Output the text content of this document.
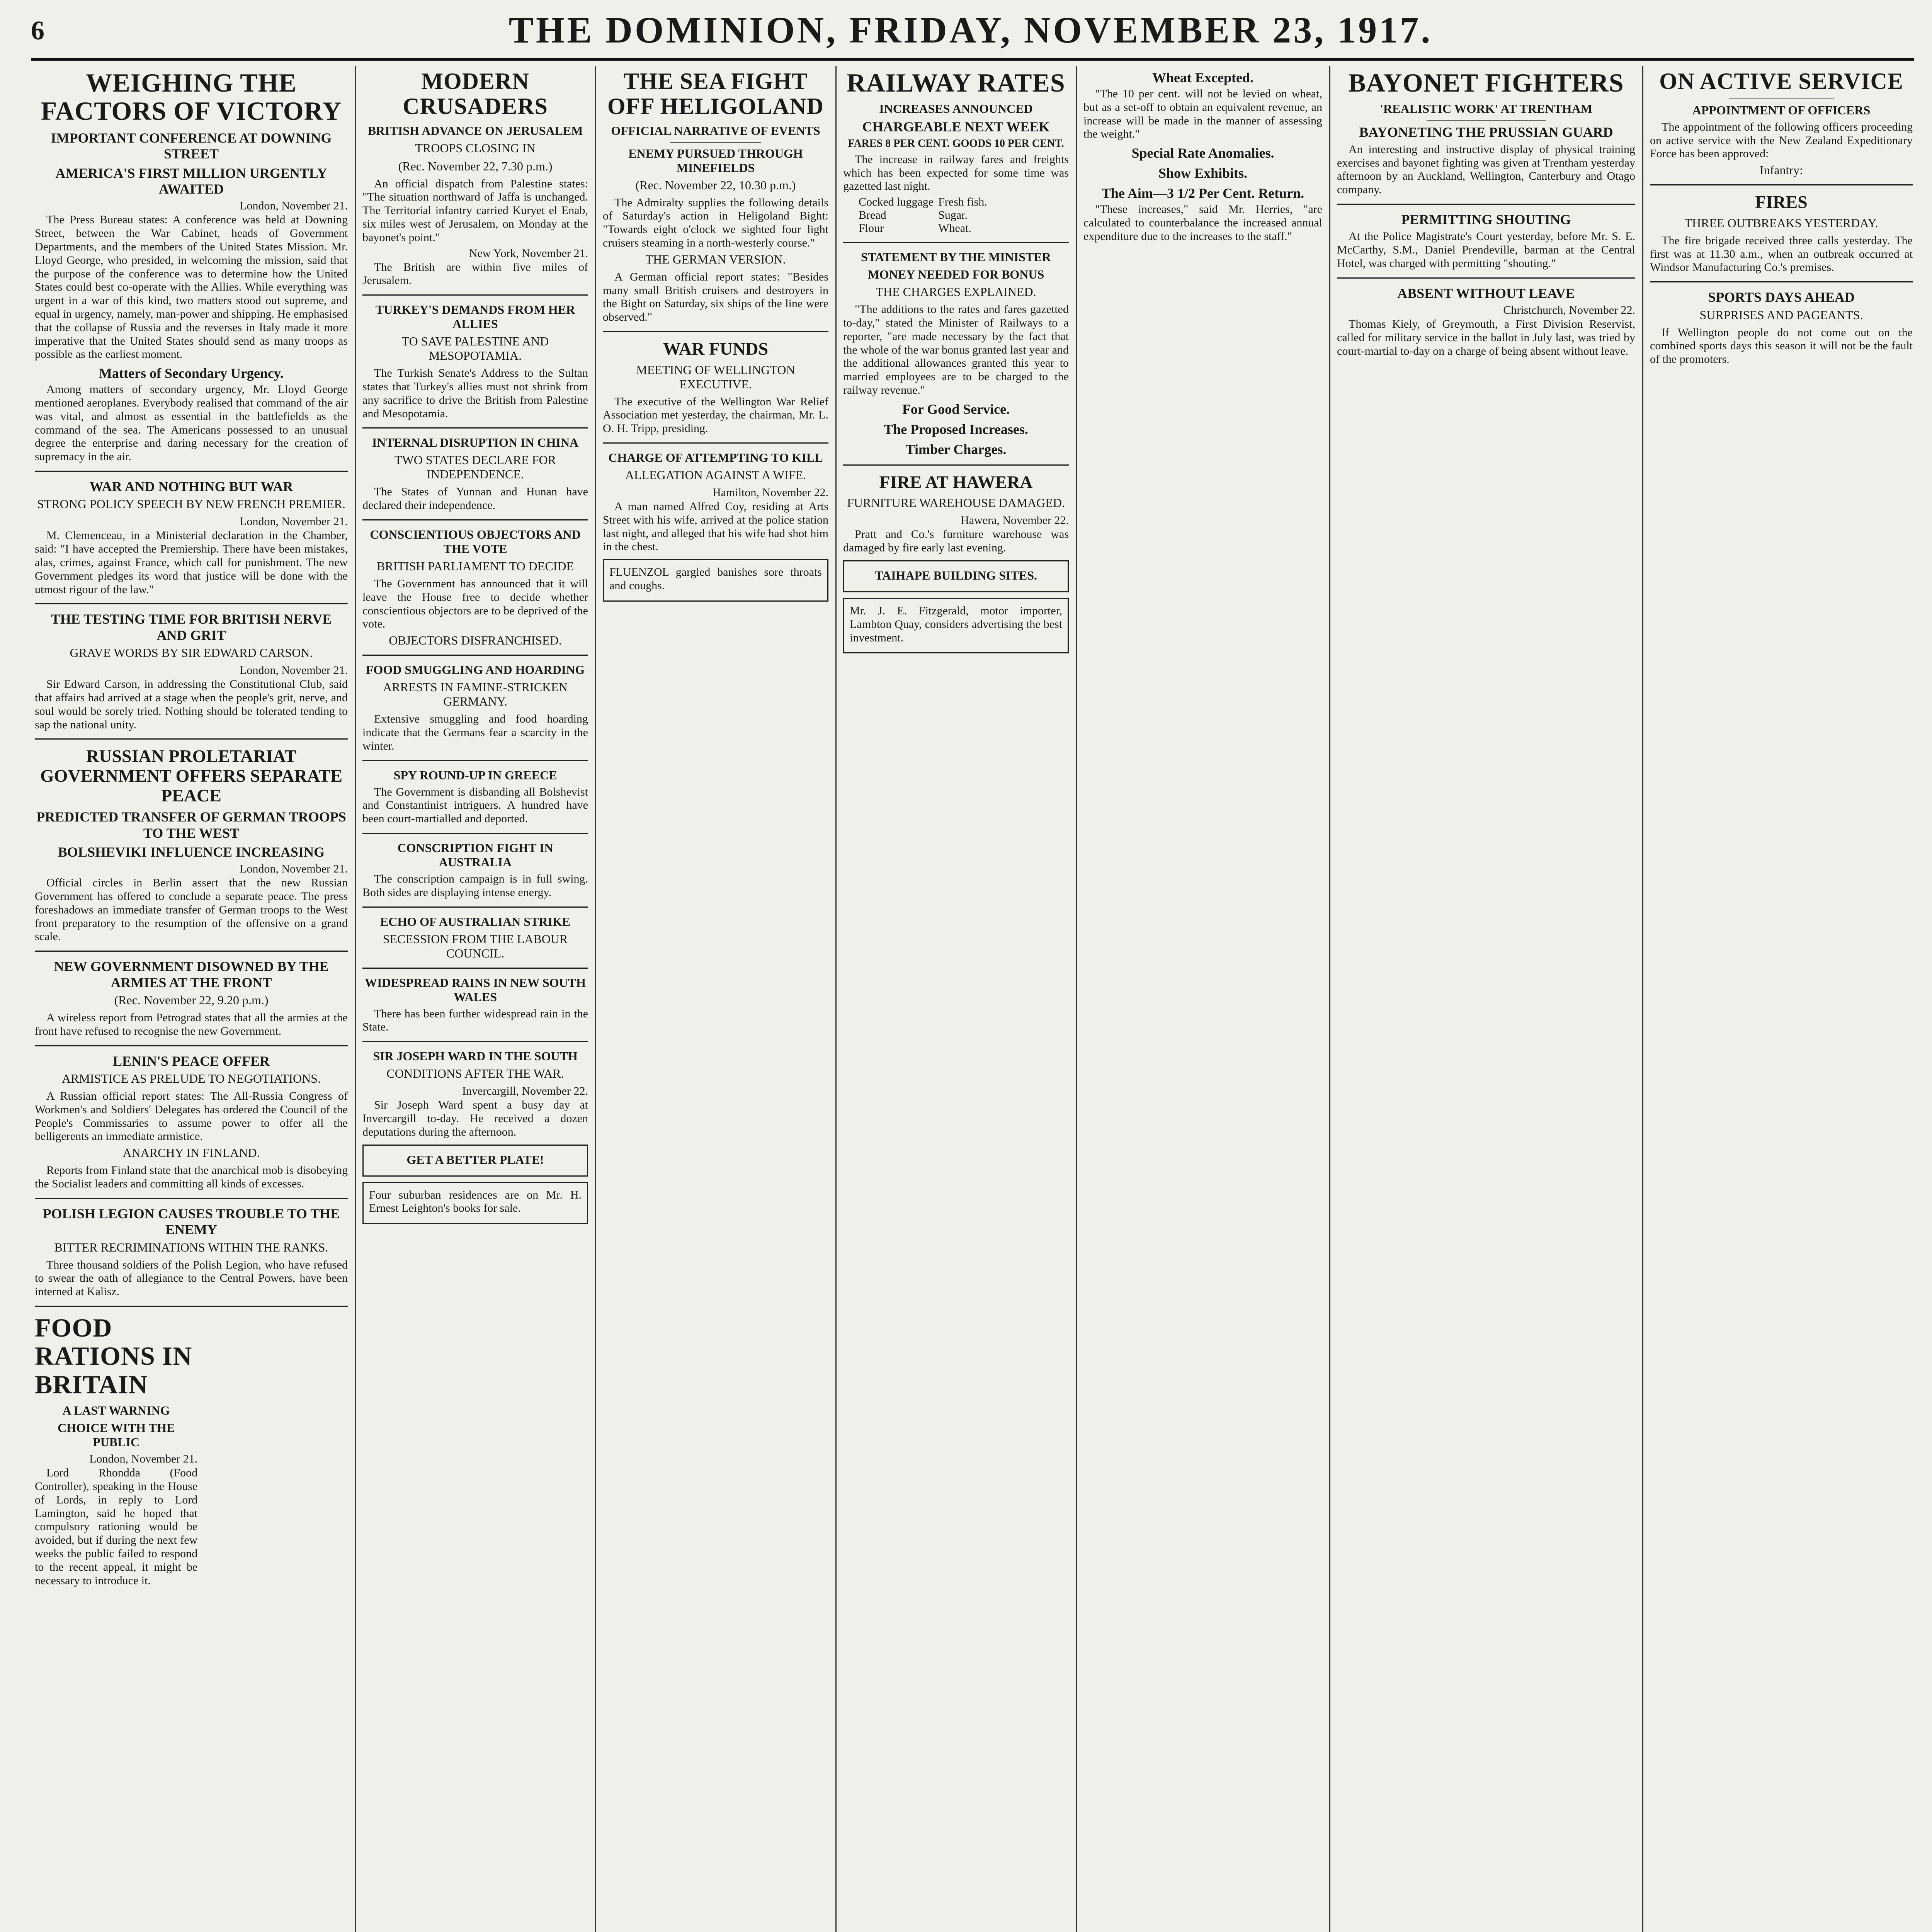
6	THE DOMINION, FRIDAY, NOVEMBER 23, 1917.
WEIGHING THE FACTORS OF VICTORY
IMPORTANT CONFERENCE AT DOWNING STREET
AMERICA'S FIRST MILLION URGENTLY AWAITED
London, November 21.

The Press Bureau states: A conference was held at Downing Street, between the War Cabinet, heads of Government Departments, and the members of the United States Mission. Mr. Lloyd George, who presided, in welcoming the mission, said that the purpose of the conference was to determine how the United States could best co-operate with the Allies. While everything was urgent in a war of this kind, two matters stood out supreme, and equal in urgency, namely, man-power and shipping. He emphasised that the collapse of Russia and the reverses in Italy made it more imperative that the United States should send as many troops as possible as the earliest moment.

Matters of Secondary Urgency.

Among matters of secondary urgency, Mr. Lloyd George mentioned aeroplanes. Everybody realised that command of the air was vital, and almost as essential in the battlefields as the command of the sea. The Americans possessed to an unusual degree the enterprise and daring necessary for the creation of supremacy in the air.

WAR AND NOTHING BUT WAR
STRONG POLICY SPEECH BY NEW FRENCH PREMIER.
London, November 21.

M. Clemenceau, in a Ministerial declaration in the Chamber, said: "I have accepted the Premiership. There have been mistakes, alas, crimes, against France, which call for punishment. The new Government pledges its word that justice will be done with the utmost rigour of the law."

THE TESTING TIME FOR BRITISH NERVE AND GRIT
GRAVE WORDS BY SIR EDWARD CARSON.
London, November 21.

Sir Edward Carson, in addressing the Constitutional Club, said that affairs had arrived at a stage when the people's grit, nerve, and soul would be sorely tried. Nothing should be tolerated tending to sap the national unity.

RUSSIAN PROLETARIAT GOVERNMENT OFFERS SEPARATE PEACE
PREDICTED TRANSFER OF GERMAN TROOPS TO THE WEST
BOLSHEVIKI INFLUENCE INCREASING
London, November 21.

Official circles in Berlin assert that the new Russian Government has offered to conclude a separate peace. The press foreshadows an immediate transfer of German troops to the West front preparatory to the resumption of the offensive on a grand scale.

NEW GOVERNMENT DISOWNED BY THE ARMIES AT THE FRONT
(Rec. November 22, 9.20 p.m.)

A wireless report from Petrograd states that all the armies at the front have refused to recognise the new Government.

LENIN'S PEACE OFFER
ARMISTICE AS PRELUDE TO NEGOTIATIONS.

A Russian official report states: The All-Russia Congress of Workmen's and Soldiers' Delegates has ordered the Council of the People's Commissaries to assume power to offer all the belligerents an immediate armistice.

ANARCHY IN FINLAND.

Reports from Finland state that the anarchical mob is disobeying the Socialist leaders and committing all kinds of excesses.

POLISH LEGION CAUSES TROUBLE TO THE ENEMY
BITTER RECRIMINATIONS WITHIN THE RANKS.

Three thousand soldiers of the Polish Legion, who have refused to swear the oath of allegiance to the Central Powers, have been interned at Kalisz.

FOOD RATIONS IN BRITAIN
A LAST WARNING
CHOICE WITH THE PUBLIC
London, November 21.

Lord Rhondda (Food Controller), speaking in the House of Lords, in reply to Lord Lamington, said he hoped that compulsory rationing would be avoided, but if during the next few weeks the public failed to respond to the recent appeal, it might be necessary to introduce it.

MODERN CRUSADERS
BRITISH ADVANCE ON JERUSALEM
TROOPS CLOSING IN
(Rec. November 22, 7.30 p.m.)

An official dispatch from Palestine states: "The situation northward of Jaffa is unchanged. The Territorial infantry carried Kuryet el Enab, six miles west of Jerusalem, on Monday at the bayonet's point."

New York, November 21.

The British are within five miles of Jerusalem.

TURKEY'S DEMANDS FROM HER ALLIES
TO SAVE PALESTINE AND MESOPOTAMIA.

The Turkish Senate's Address to the Sultan states that Turkey's allies must not shrink from any sacrifice to drive the British from Palestine and Mesopotamia.

INTERNAL DISRUPTION IN CHINA
TWO STATES DECLARE FOR INDEPENDENCE.

The States of Yunnan and Hunan have declared their independence.

CONSCIENTIOUS OBJECTORS AND THE VOTE
BRITISH PARLIAMENT TO DECIDE

The Government has announced that it will leave the House free to decide whether conscientious objectors are to be deprived of the vote.

OBJECTORS DISFRANCHISED.
FOOD SMUGGLING AND HOARDING
ARRESTS IN FAMINE-STRICKEN GERMANY.

Extensive smuggling and food hoarding indicate that the Germans fear a scarcity in the winter.

SPY ROUND-UP IN GREECE

The Government is disbanding all Bolshevist and Constantinist intriguers. A hundred have been court-martialled and deported.

CONSCRIPTION FIGHT IN AUSTRALIA

The conscription campaign is in full swing. Both sides are displaying intense energy.

ECHO OF AUSTRALIAN STRIKE
SECESSION FROM THE LABOUR COUNCIL.
WIDESPREAD RAINS IN NEW SOUTH WALES

There has been further widespread rain in the State.

SIR JOSEPH WARD IN THE SOUTH
CONDITIONS AFTER THE WAR.
Invercargill, November 22.

Sir Joseph Ward spent a busy day at Invercargill to-day. He received a dozen deputations during the afternoon.

GET A BETTER PLATE!

Four suburban residences are on Mr. H. Ernest Leighton's books for sale.

THE SEA FIGHT OFF HELIGOLAND
OFFICIAL NARRATIVE OF EVENTS
ENEMY PURSUED THROUGH MINEFIELDS
(Rec. November 22, 10.30 p.m.)

The Admiralty supplies the following details of Saturday's action in Heligoland Bight: "Towards eight o'clock we sighted four light cruisers steaming in a north-westerly course."

THE GERMAN VERSION.

A German official report states: "Besides many small British cruisers and destroyers in the Bight on Saturday, six ships of the line were observed."

WAR FUNDS
MEETING OF WELLINGTON EXECUTIVE.

The executive of the Wellington War Relief Association met yesterday, the chairman, Mr. L. O. H. Tripp, presiding.

CHARGE OF ATTEMPTING TO KILL
ALLEGATION AGAINST A WIFE.
Hamilton, November 22.

A man named Alfred Coy, residing at Arts Street with his wife, arrived at the police station last night, and alleged that his wife had shot him in the chest.

FLUENZOL gargled banishes sore throats and coughs.

RAILWAY RATES
INCREASES ANNOUNCED
CHARGEABLE NEXT WEEK
FARES 8 PER CENT. GOODS 10 PER CENT.

The increase in railway fares and freights which has been expected for some time was gazetted last night.

Cocked luggage	Fresh fish.
Bread	Sugar.
Flour	Wheat.
STATEMENT BY THE MINISTER
MONEY NEEDED FOR BONUS
THE CHARGES EXPLAINED.

"The additions to the rates and fares gazetted to-day," stated the Minister of Railways to a reporter, "are made necessary by the fact that the whole of the war bonus granted last year and the additional allowances granted this year to married employees are to be charged to the railway revenue."

For Good Service.
The Proposed Increases.
Timber Charges.
FIRE AT HAWERA
FURNITURE WAREHOUSE DAMAGED.
Hawera, November 22.

Pratt and Co.'s furniture warehouse was damaged by fire early last evening.

TAIHAPE BUILDING SITES.

Mr. J. E. Fitzgerald, motor importer, Lambton Quay, considers advertising the best investment.

Wheat Excepted.

"The 10 per cent. will not be levied on wheat, but as a set-off to obtain an equivalent revenue, an increase will be made in the manner of assessing the weight."

Special Rate Anomalies.
Show Exhibits.
The Aim—3 1/2 Per Cent. Return.

"These increases," said Mr. Herries, "are calculated to counterbalance the increased annual expenditure due to the increases to the staff."

BAYONET FIGHTERS
'REALISTIC WORK' AT TRENTHAM
BAYONETING THE PRUSSIAN GUARD

An interesting and instructive display of physical training exercises and bayonet fighting was given at Trentham yesterday afternoon by an Auckland, Wellington, Canterbury and Otago company.

PERMITTING SHOUTING

At the Police Magistrate's Court yesterday, before Mr. S. E. McCarthy, S.M., Daniel Prendeville, barman at the Central Hotel, was charged with permitting "shouting."

ABSENT WITHOUT LEAVE
Christchurch, November 22.

Thomas Kiely, of Greymouth, a First Division Reservist, called for military service in the ballot in July last, was tried by court-martial to-day on a charge of being absent without leave.

ON ACTIVE SERVICE
APPOINTMENT OF OFFICERS

The appointment of the following officers proceeding on active service with the New Zealand Expeditionary Force has been approved:

Infantry:
FIRES
THREE OUTBREAKS YESTERDAY.

The fire brigade received three calls yesterday. The first was at 11.30 a.m., when an outbreak occurred at Windsor Manufacturing Co.'s premises.

SPORTS DAYS AHEAD
SURPRISES AND PAGEANTS.

If Wellington people do not come out on the combined sports days this season it will not be the fault of the promoters.
